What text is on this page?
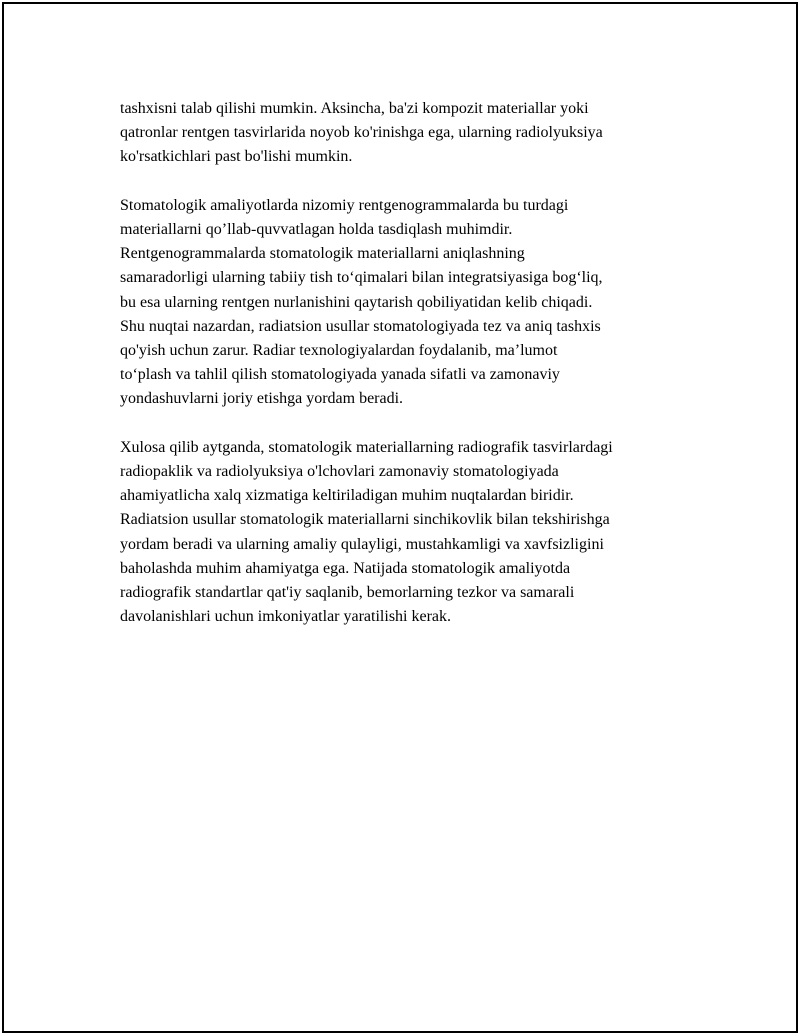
tashxisni talab qilishi mumkin. Aksincha, ba'zi kompozit materiallar yoki
qatronlar rentgen tasvirlarida noyob ko'rinishga ega, ularning radiolyuksiya
ko'rsatkichlari past bo'lishi mumkin.

Stomatologik amaliyotlarda nizomiy rentgenogrammalarda bu turdagi
materiallarni qo’llab-quvvatlagan holda tasdiqlash muhimdir.
Rentgenogrammalarda stomatologik materiallarni aniqlashning
samaradorligi ularning tabiiy tish to‘qimalari bilan integratsiyasiga bog‘liq,
bu esa ularning rentgen nurlanishini qaytarish qobiliyatidan kelib chiqadi.
Shu nuqtai nazardan, radiatsion usullar stomatologiyada tez va aniq tashxis
qo'yish uchun zarur. Radiar texnologiyalardan foydalanib, ma’lumot
to‘plash va tahlil qilish stomatologiyada yanada sifatli va zamonaviy
yondashuvlarni joriy etishga yordam beradi.

Xulosa qilib aytganda, stomatologik materiallarning radiografik tasvirlardagi
radiopaklik va radiolyuksiya o'lchovlari zamonaviy stomatologiyada
ahamiyatlicha xalq xizmatiga keltiriladigan muhim nuqtalardan biridir.
Radiatsion usullar stomatologik materiallarni sinchikovlik bilan tekshirishga
yordam beradi va ularning amaliy qulayligi, mustahkamligi va xavfsizligini
baholashda muhim ahamiyatga ega. Natijada stomatologik amaliyotda
radiografik standartlar qat'iy saqlanib, bemorlarning tezkor va samarali
davolanishlari uchun imkoniyatlar yaratilishi kerak.
